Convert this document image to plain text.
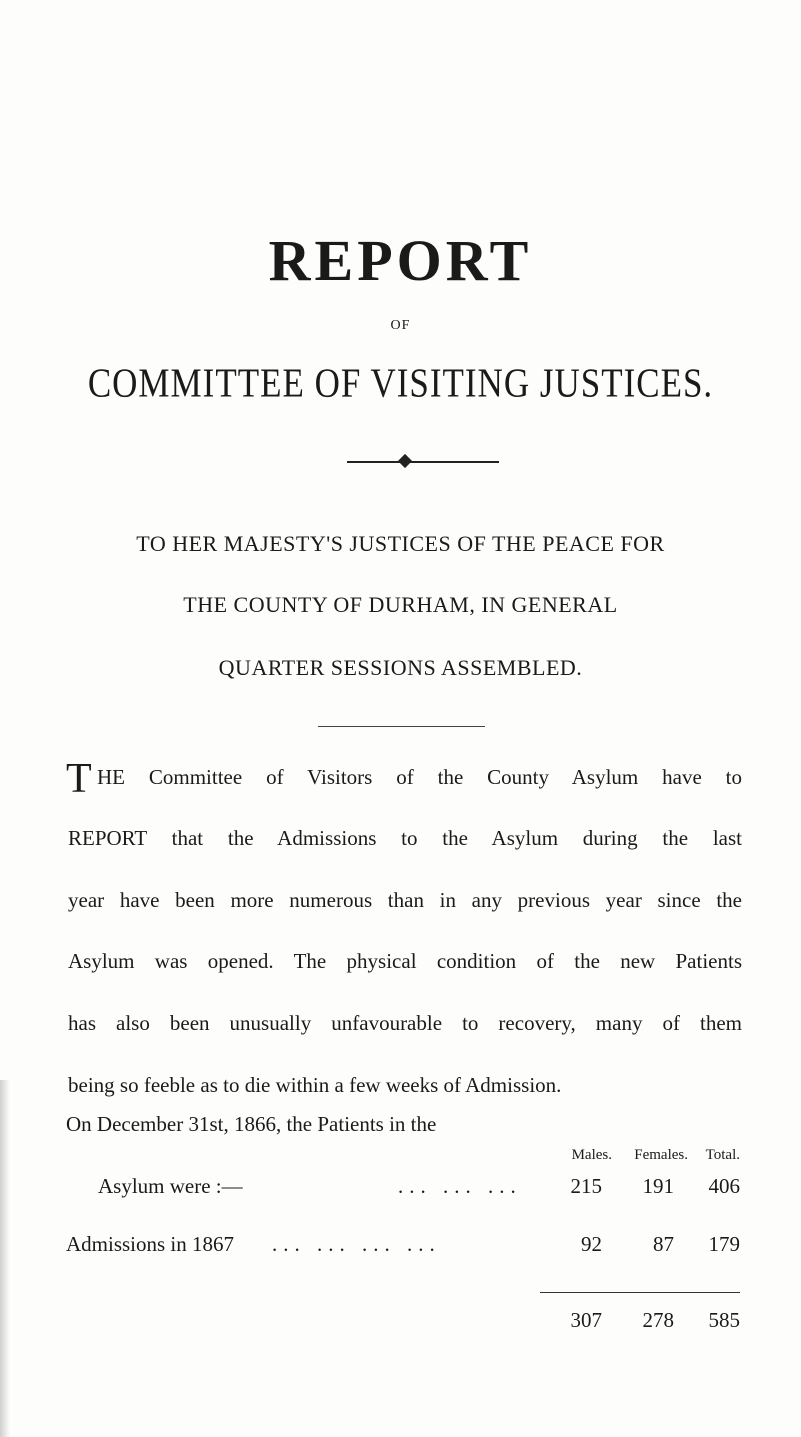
REPORT
OF
COMMITTEE OF VISITING JUSTICES.
TO HER MAJESTY'S JUSTICES OF THE PEACE FOR
THE COUNTY OF DURHAM, IN GENERAL
QUARTER SESSIONS ASSEMBLED.
T HE Committee of Visitors of the County Asylum have to
REPORT that the Admissions to the Asylum during the last
year have been more numerous than in any previous year since the
Asylum was opened. The physical condition of the new Patients
has also been unusually unfavourable to recovery, many of them
being so feeble as to die within a few weeks of Admission.
On December 31st, 1866, the Patients in the
Males.	Females.	Total.
Asylum were :—	... ... ...	215	191	406
Admissions in 1867 ... ... ... ...	92	87	179
307	278	585
